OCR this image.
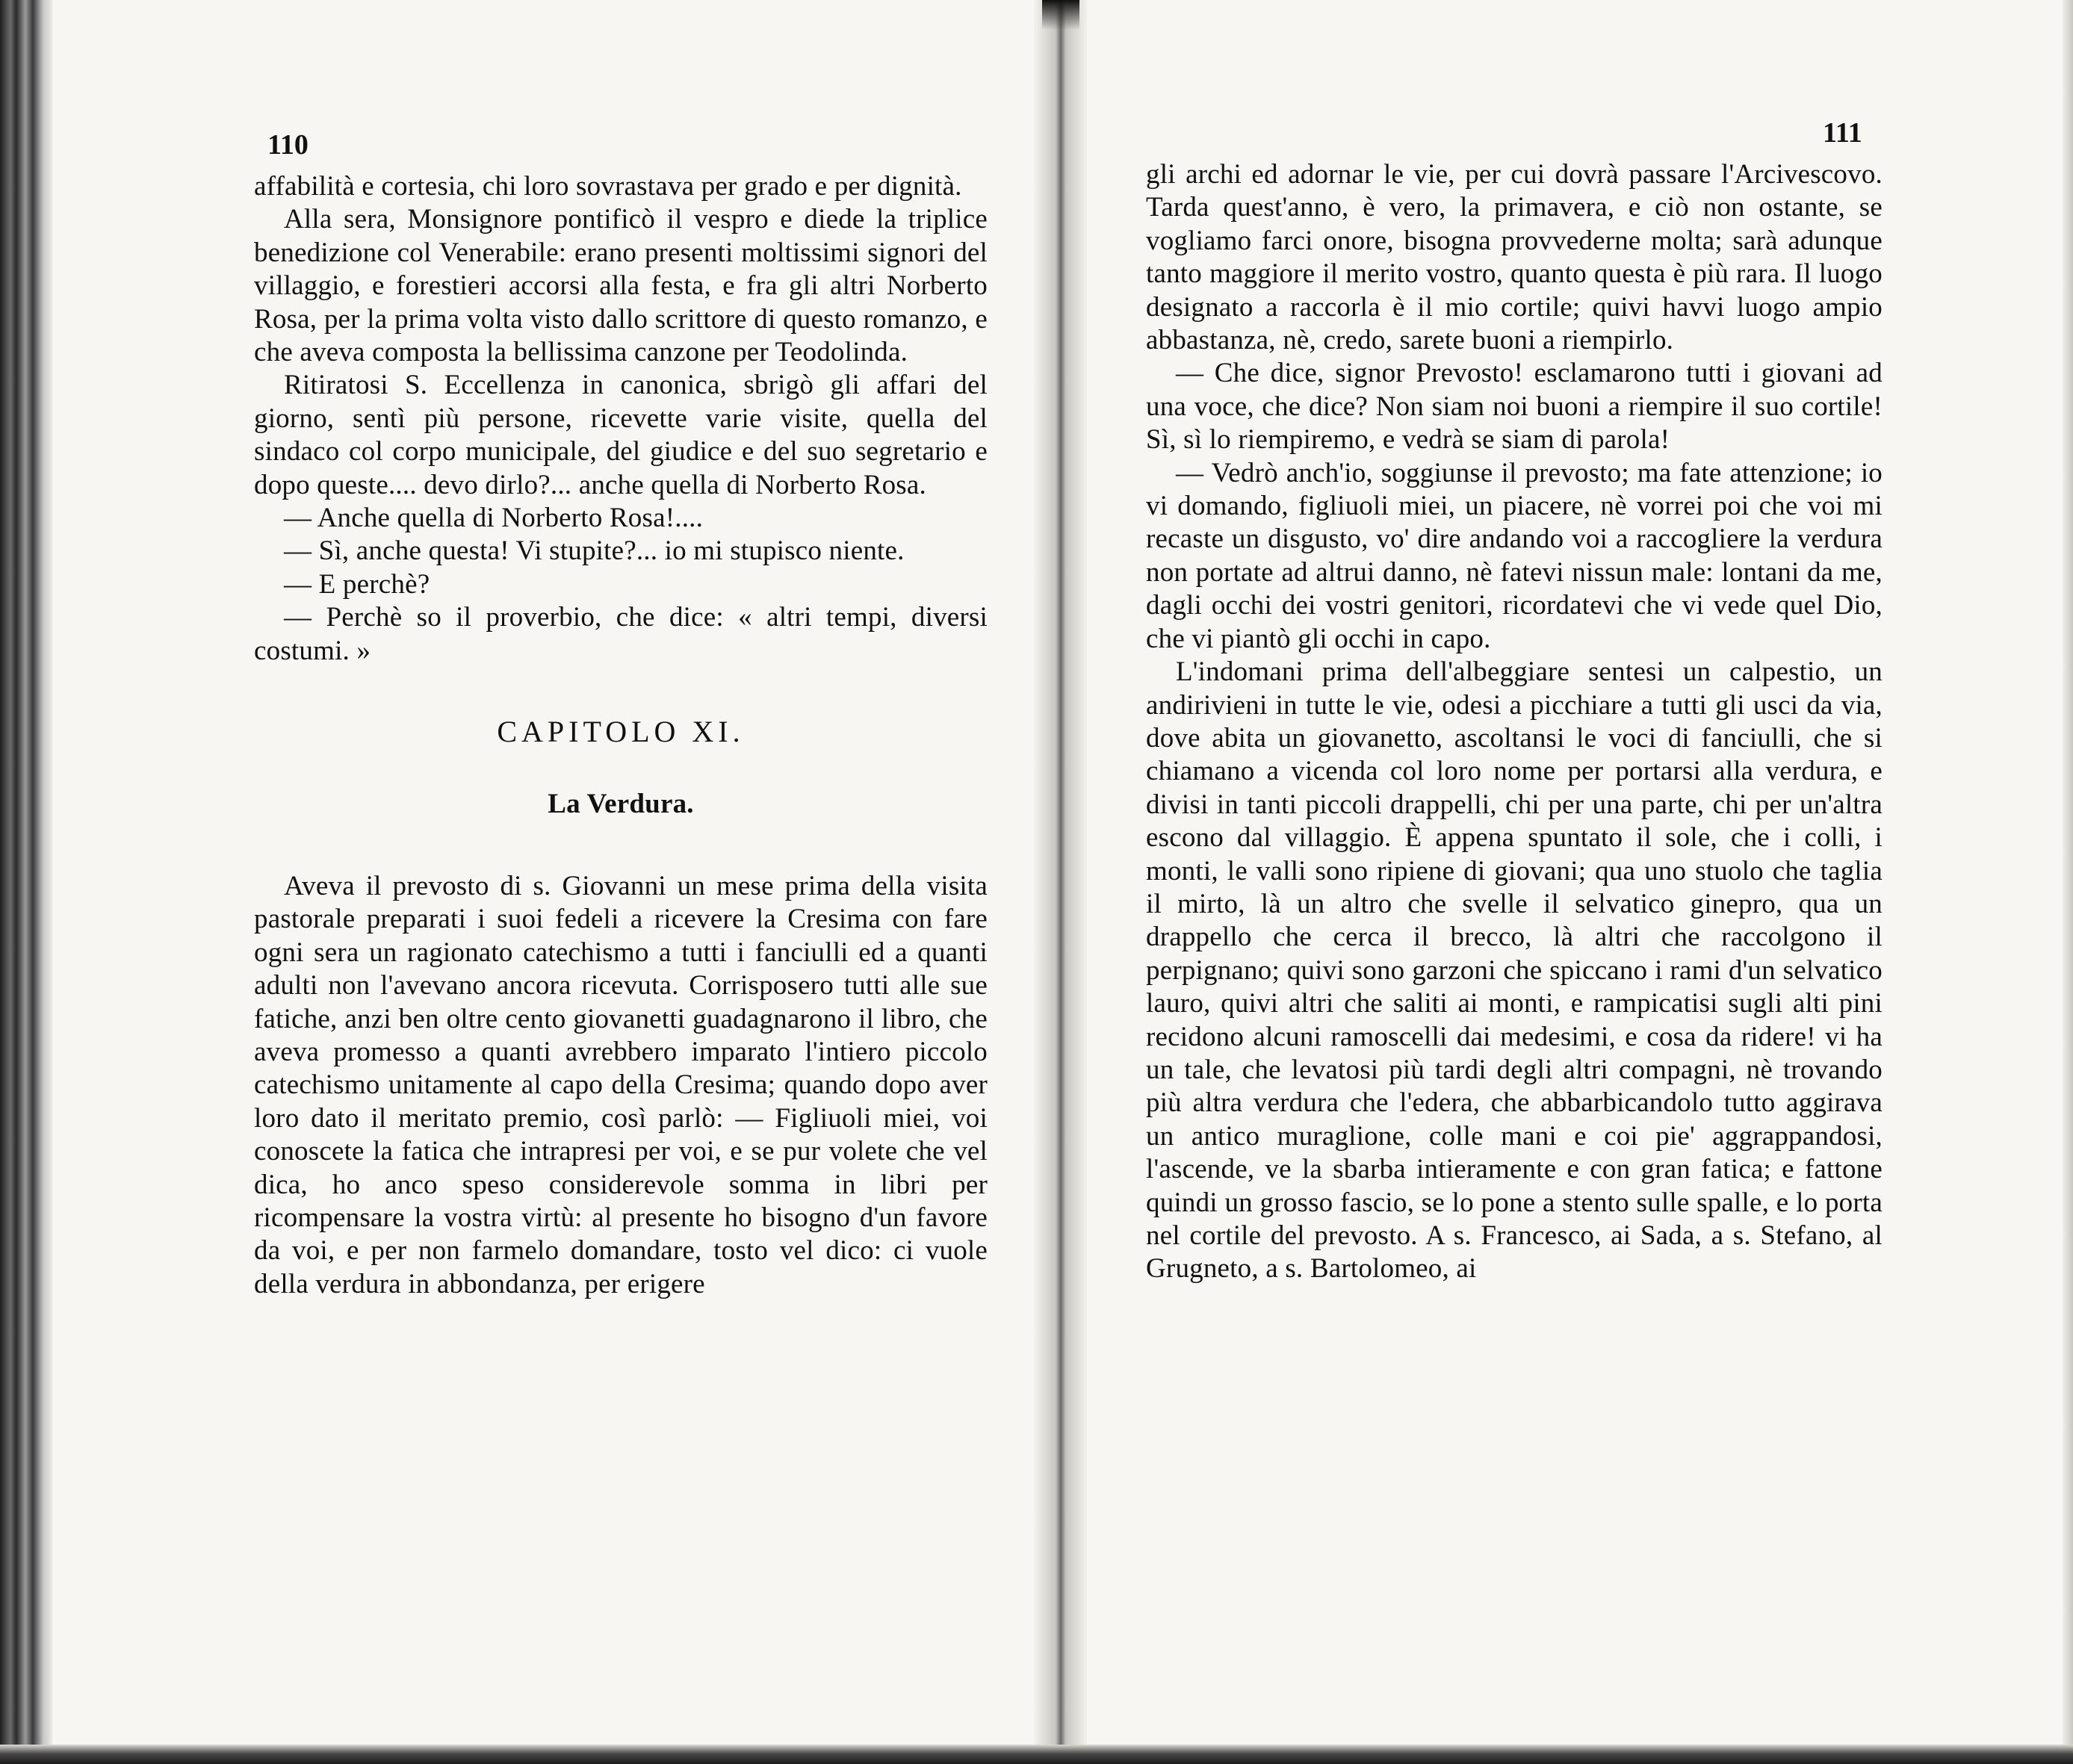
110

affabilità e cortesia, chi loro sovrastava per grado e per dignità.

Alla sera, Monsignore pontificò il vespro e diede la triplice benedizione col Venerabile: erano presenti moltissimi signori del villaggio, e forestieri accorsi alla festa, e fra gli altri Norberto Rosa, per la prima volta visto dallo scrittore di questo romanzo, e che aveva composta la bellissima canzone per Teodolinda.

Ritiratosi S. Eccellenza in canonica, sbrigò gli affari del giorno, sentì più persone, ricevette varie visite, quella del sindaco col corpo municipale, del giudice e del suo segretario e dopo queste.... devo dirlo?... anche quella di Norberto Rosa.

— Anche quella di Norberto Rosa!....

— Sì, anche questa! Vi stupite?... io mi stupisco niente.

— E perchè?

— Perchè so il proverbio, che dice: « altri tempi, diversi costumi. »

CAPITOLO XI.

La Verdura.

Aveva il prevosto di s. Giovanni un mese prima della visita pastorale preparati i suoi fedeli a ricevere la Cresima con fare ogni sera un ragionato catechismo a tutti i fanciulli ed a quanti adulti non l'avevano ancora ricevuta. Corrisposero tutti alle sue fatiche, anzi ben oltre cento giovanetti guadagnarono il libro, che aveva promesso a quanti avrebbero imparato l'intiero piccolo catechismo unitamente al capo della Cresima; quando dopo aver loro dato il meritato premio, così parlò: — Figliuoli miei, voi conoscete la fatica che intrapresi per voi, e se pur volete che vel dica, ho anco speso considerevole somma in libri per ricompensare la vostra virtù: al presente ho bisogno d'un favore da voi, e per non farmelo domandare, tosto vel dico: ci vuole della verdura in abbondanza, per erigere

111

gli archi ed adornar le vie, per cui dovrà passare l'Arcivescovo. Tarda quest'anno, è vero, la primavera, e ciò non ostante, se vogliamo farci onore, bisogna provvederne molta; sarà adunque tanto maggiore il merito vostro, quanto questa è più rara. Il luogo designato a raccorla è il mio cortile; quivi havvi luogo ampio abbastanza, nè, credo, sarete buoni a riempirlo.

— Che dice, signor Prevosto! esclamarono tutti i giovani ad una voce, che dice? Non siam noi buoni a riempire il suo cortile! Sì, sì lo riempiremo, e vedrà se siam di parola!

— Vedrò anch'io, soggiunse il prevosto; ma fate attenzione; io vi domando, figliuoli miei, un piacere, nè vorrei poi che voi mi recaste un disgusto, vo' dire andando voi a raccogliere la verdura non portate ad altrui danno, nè fatevi nissun male: lontani da me, dagli occhi dei vostri genitori, ricordatevi che vi vede quel Dio, che vi piantò gli occhi in capo.

L'indomani prima dell'albeggiare sentesi un calpestio, un andirivieni in tutte le vie, odesi a picchiare a tutti gli usci da via, dove abita un giovanetto, ascoltansi le voci di fanciulli, che si chiamano a vicenda col loro nome per portarsi alla verdura, e divisi in tanti piccoli drappelli, chi per una parte, chi per un'altra escono dal villaggio. È appena spuntato il sole, che i colli, i monti, le valli sono ripiene di giovani; qua uno stuolo che taglia il mirto, là un altro che svelle il selvatico ginepro, qua un drappello che cerca il brecco, là altri che raccolgono il perpignano; quivi sono garzoni che spiccano i rami d'un selvatico lauro, quivi altri che saliti ai monti, e rampicatisi sugli alti pini recidono alcuni ramoscelli dai medesimi, e cosa da ridere! vi ha un tale, che levatosi più tardi degli altri compagni, nè trovando più altra verdura che l'edera, che abbarbicandolo tutto aggirava un antico muraglione, colle mani e coi pie' aggrappandosi, l'ascende, ve la sbarba intieramente e con gran fatica; e fattone quindi un grosso fascio, se lo pone a stento sulle spalle, e lo porta nel cortile del prevosto. A s. Francesco, ai Sada, a s. Stefano, al Grugneto, a s. Bartolomeo, ai
